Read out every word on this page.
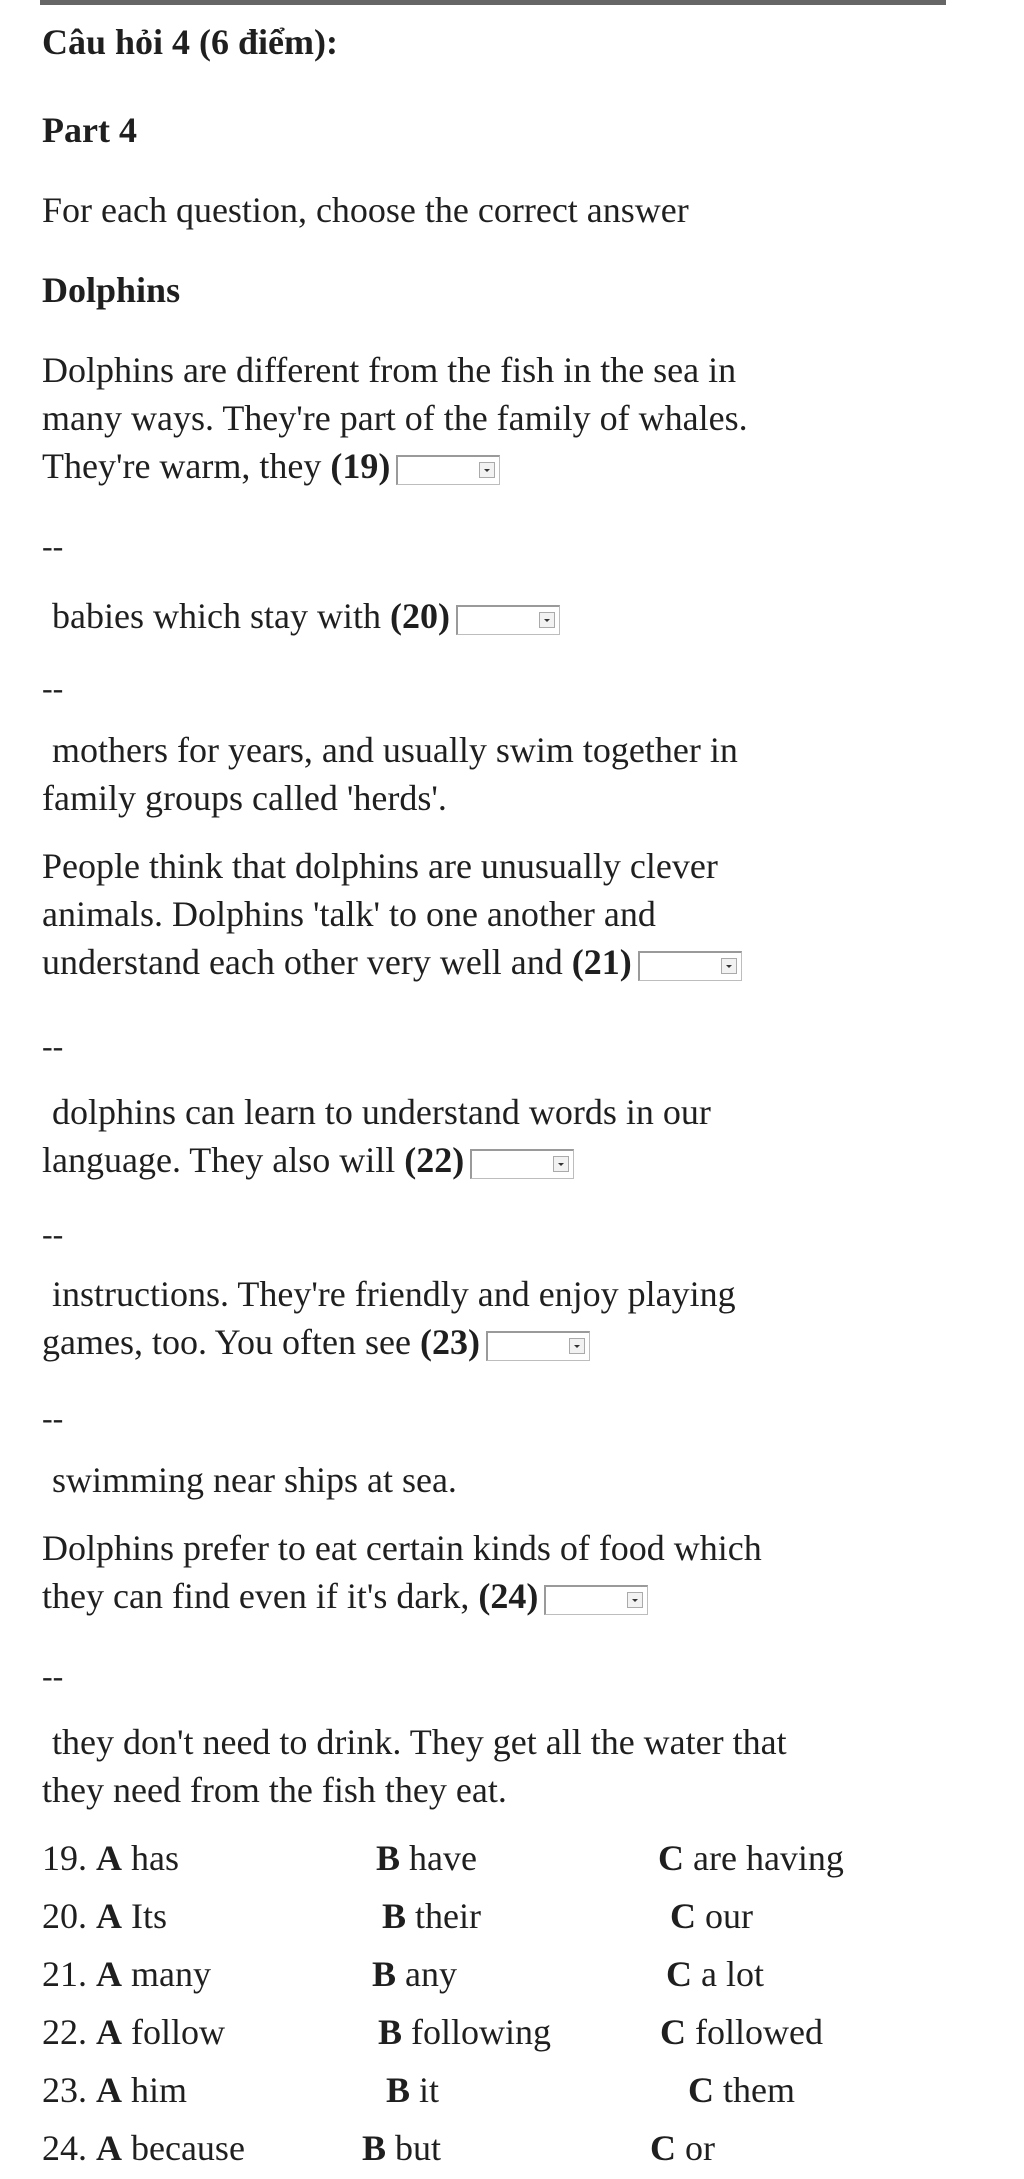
Câu hỏi 4 (6 điểm):
Part 4
For each question, choose the correct answer
Dolphins
Dolphins are different from the fish in the sea in
many ways. They're part of the family of whales.
They're warm, they (19)
--
babies which stay with (20)
--
mothers for years, and usually swim together in
family groups called 'herds'.
People think that dolphins are unusually clever
animals. Dolphins 'talk' to one another and
understand each other very well and (21)
--
dolphins can learn to understand words in our
language. They also will (22)
--
instructions. They're friendly and enjoy playing
games, too. You often see (23)
--
swimming near ships at sea.
Dolphins prefer to eat certain kinds of food which
they can find even if it's dark, (24)
--
they don't need to drink. They get all the water that
they need from the fish they eat.
19. A has	B have	C are having
20. A Its	B their	C our
21. A many	B any	C a lot
22. A follow	B following	C followed
23. A him	B it	C them
24. A because	B but	C or
